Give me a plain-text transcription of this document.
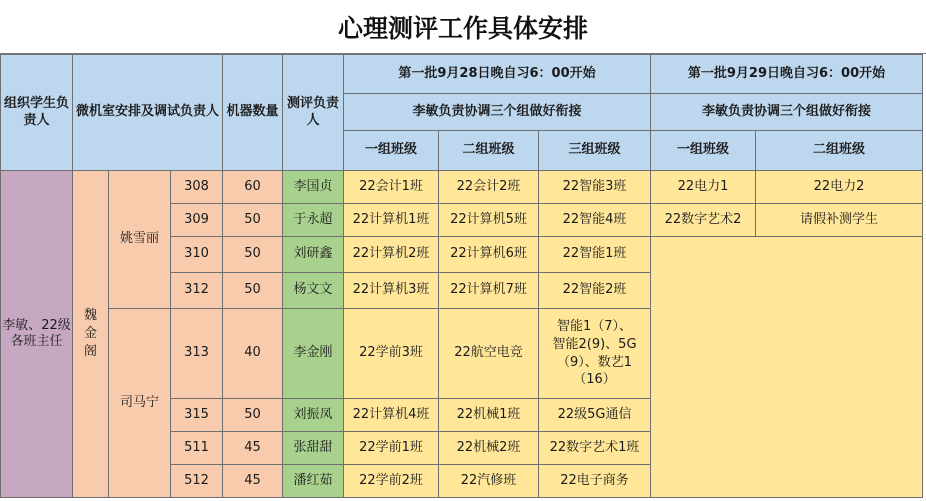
心理测评工作具体安排
组织学生负责人	微机室安排及调试负责人			机器数量	测评负责人	第一批9月28日晚自习6：00开始			第一批9月29日晚自习6：00开始	
						李敏负责协调三个组做好衔接			李敏负责协调三个组做好衔接	
						一组班级	二组班级	三组班级	一组班级	二组班级
李敏、22级各班主任	魏金阁	姚雪丽	308	60	李国贞	22会计1班	22会计2班	22智能3班	22电力1	22电力2
			309	50	于永超	22计算机1班	22计算机5班	22智能4班	22数字艺术2	请假补测学生
			310	50	刘研鑫	22计算机2班	22计算机6班	22智能1班		
			312	50	杨文文	22计算机3班	22计算机7班	22智能2班		
		司马宁	313	40	李金刚	22学前3班	22航空电竞	智能1（7）、智能2(9)、5G（9）、数艺1（16）		
			315	50	刘振凤	22计算机4班	22机械1班	22级5G通信		
			511	45	张甜甜	22学前1班	22机械2班	22数字艺术1班		
			512	45	潘红茹	22学前2班	22汽修班	22电子商务		
